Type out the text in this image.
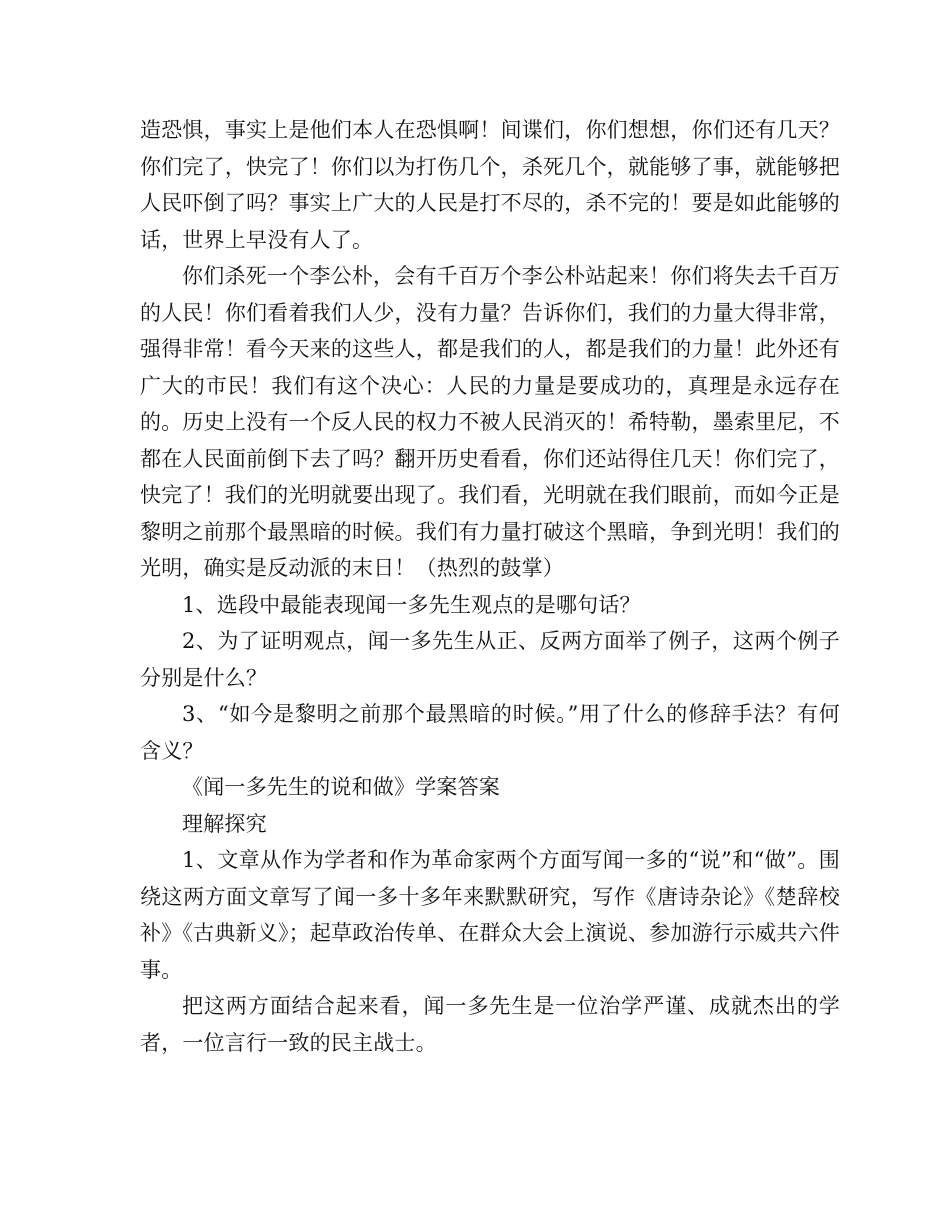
造恐惧，事实上是他们本人在恐惧啊！间谍们，你们想想，你们还有几天？你们完了，快完了！你们以为打伤几个，杀死几个，就能够了事，就能够把人民吓倒了吗？事实上广大的人民是打不尽的，杀不完的！要是如此能够的话，世界上早没有人了。

你们杀死一个李公朴，会有千百万个李公朴站起来！你们将失去千百万的人民！你们看着我们人少，没有力量？告诉你们，我们的力量大得非常，强得非常！看今天来的这些人，都是我们的人，都是我们的力量！此外还有广大的市民！我们有这个决心：人民的力量是要成功的，真理是永远存在的。历史上没有一个反人民的权力不被人民消灭的！希特勒，墨索里尼，不都在人民面前倒下去了吗？翻开历史看看，你们还站得住几天！你们完了，快完了！我们的光明就要出现了。我们看，光明就在我们眼前，而如今正是黎明之前那个最黑暗的时候。我们有力量打破这个黑暗，争到光明！我们的光明，确实是反动派的末日！（热烈的鼓掌）

1、选段中最能表现闻一多先生观点的是哪句话？

2、为了证明观点，闻一多先生从正、反两方面举了例子，这两个例子分别是什么？

3、“如今是黎明之前那个最黑暗的时候。”用了什么的修辞手法？有何含义？

《闻一多先生的说和做》学案答案

理解探究

1、文章从作为学者和作为革命家两个方面写闻一多的“说”和“做”。围绕这两方面文章写了闻一多十多年来默默研究，写作《唐诗杂论》《楚辞校补》《古典新义》；起草政治传单、在群众大会上演说、参加游行示威共六件事。

把这两方面结合起来看，闻一多先生是一位治学严谨、成就杰出的学者，一位言行一致的民主战士。
